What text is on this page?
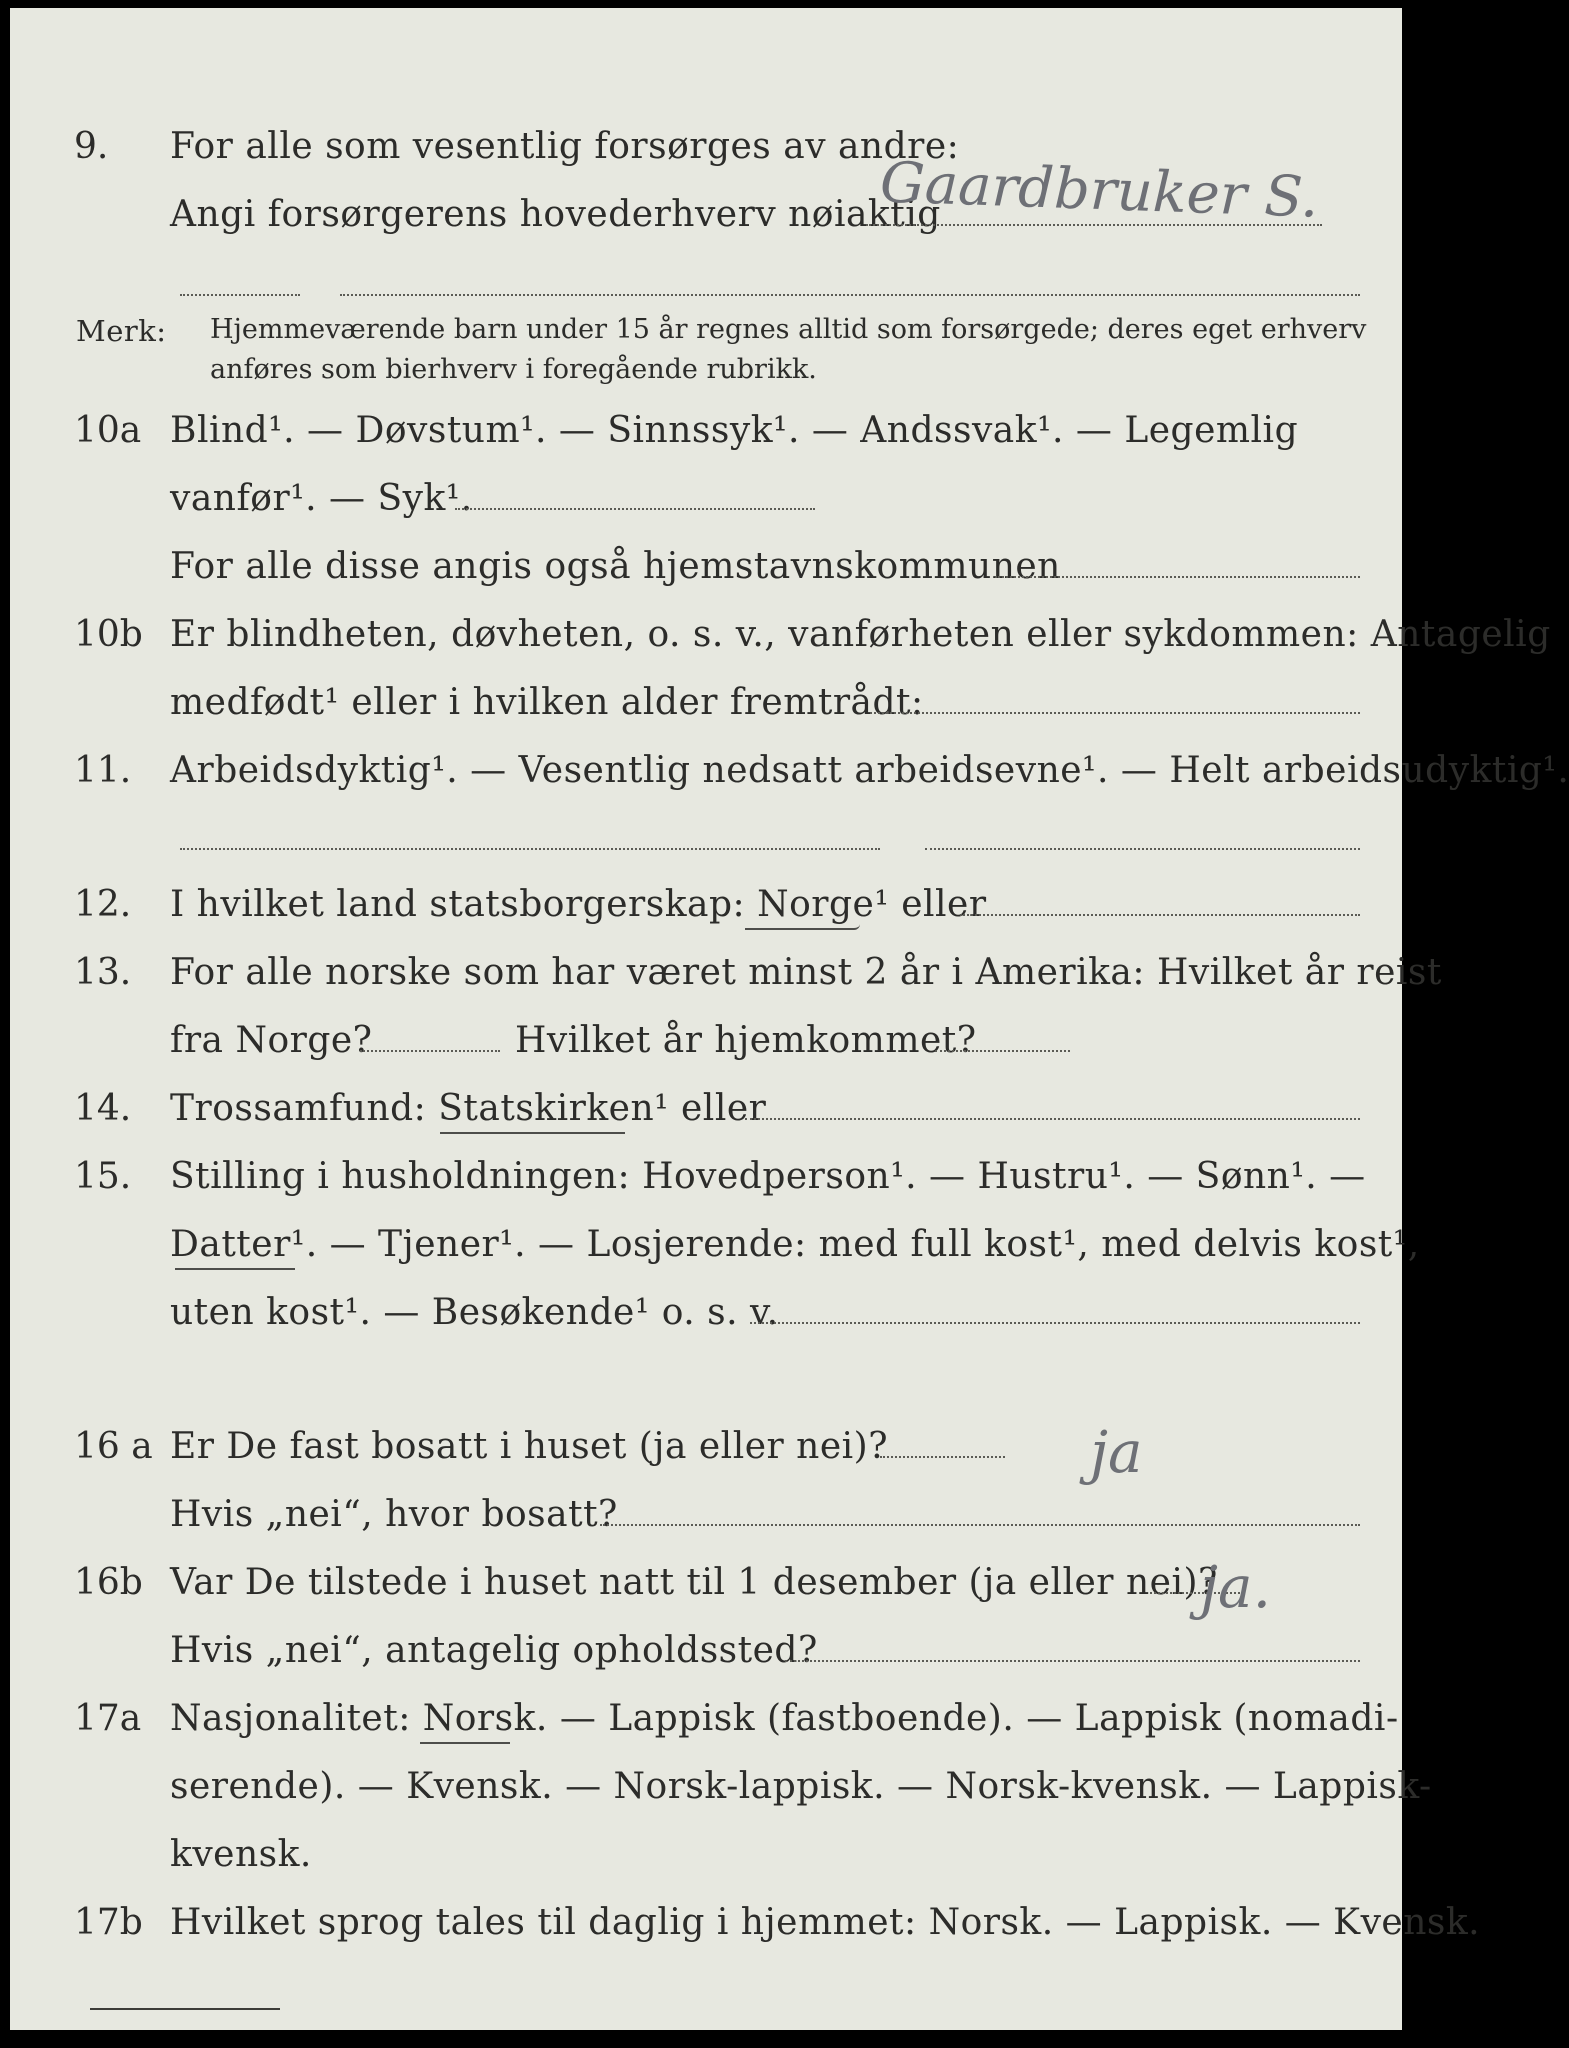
9.	For alle som vesentlig forsørges av andre:
Angi forsørgerens hovederhverv nøiaktig
Gaardbruker S.
Merk: Hjemmeværende barn under 15 år regnes alltid som forsørgede; deres eget erhverv
anføres som bierhverv i foregående rubrikk.
10a Blind¹. — Døvstum¹. — Sinnssyk¹. — Andssvak¹. — Legemlig
vanfør¹. — Syk¹.
For alle disse angis også hjemstavnskommunen
10b Er blindheten, døvheten, o. s. v., vanførheten eller sykdommen: Antagelig
medfødt¹ eller i hvilken alder fremtrådt:
11.	Arbeidsdyktig¹. — Vesentlig nedsatt arbeidsevne¹. — Helt arbeidsudyktig¹.
12.	I hvilket land statsborgerskap: Norge¹ eller
13.	For alle norske som har været minst 2 år i Amerika: Hvilket år reist
fra Norge?	Hvilket år hjemkommet?
14.	Trossamfund: Statskirken¹ eller
15.	Stilling i husholdningen: Hovedperson¹. — Hustru¹. — Sønn¹. —
Datter¹. — Tjener¹. — Losjerende: med full kost¹, med delvis kost¹,
uten kost¹. — Besøkende¹ o. s. v.
16 a Er De fast bosatt i huset (ja eller nei)?	ja
Hvis „nei“, hvor bosatt?
16b Var De tilstede i huset natt til 1 desember (ja eller nei)?
ja.
Hvis „nei“, antagelig opholdssted?
17a Nasjonalitet: Norsk. — Lappisk (fastboende). — Lappisk (nomadi-
serende). — Kvensk. — Norsk-lappisk. — Norsk-kvensk. — Lappisk-
kvensk.
17b Hvilket sprog tales til daglig i hjemmet: Norsk. — Lappisk. — Kvensk.
